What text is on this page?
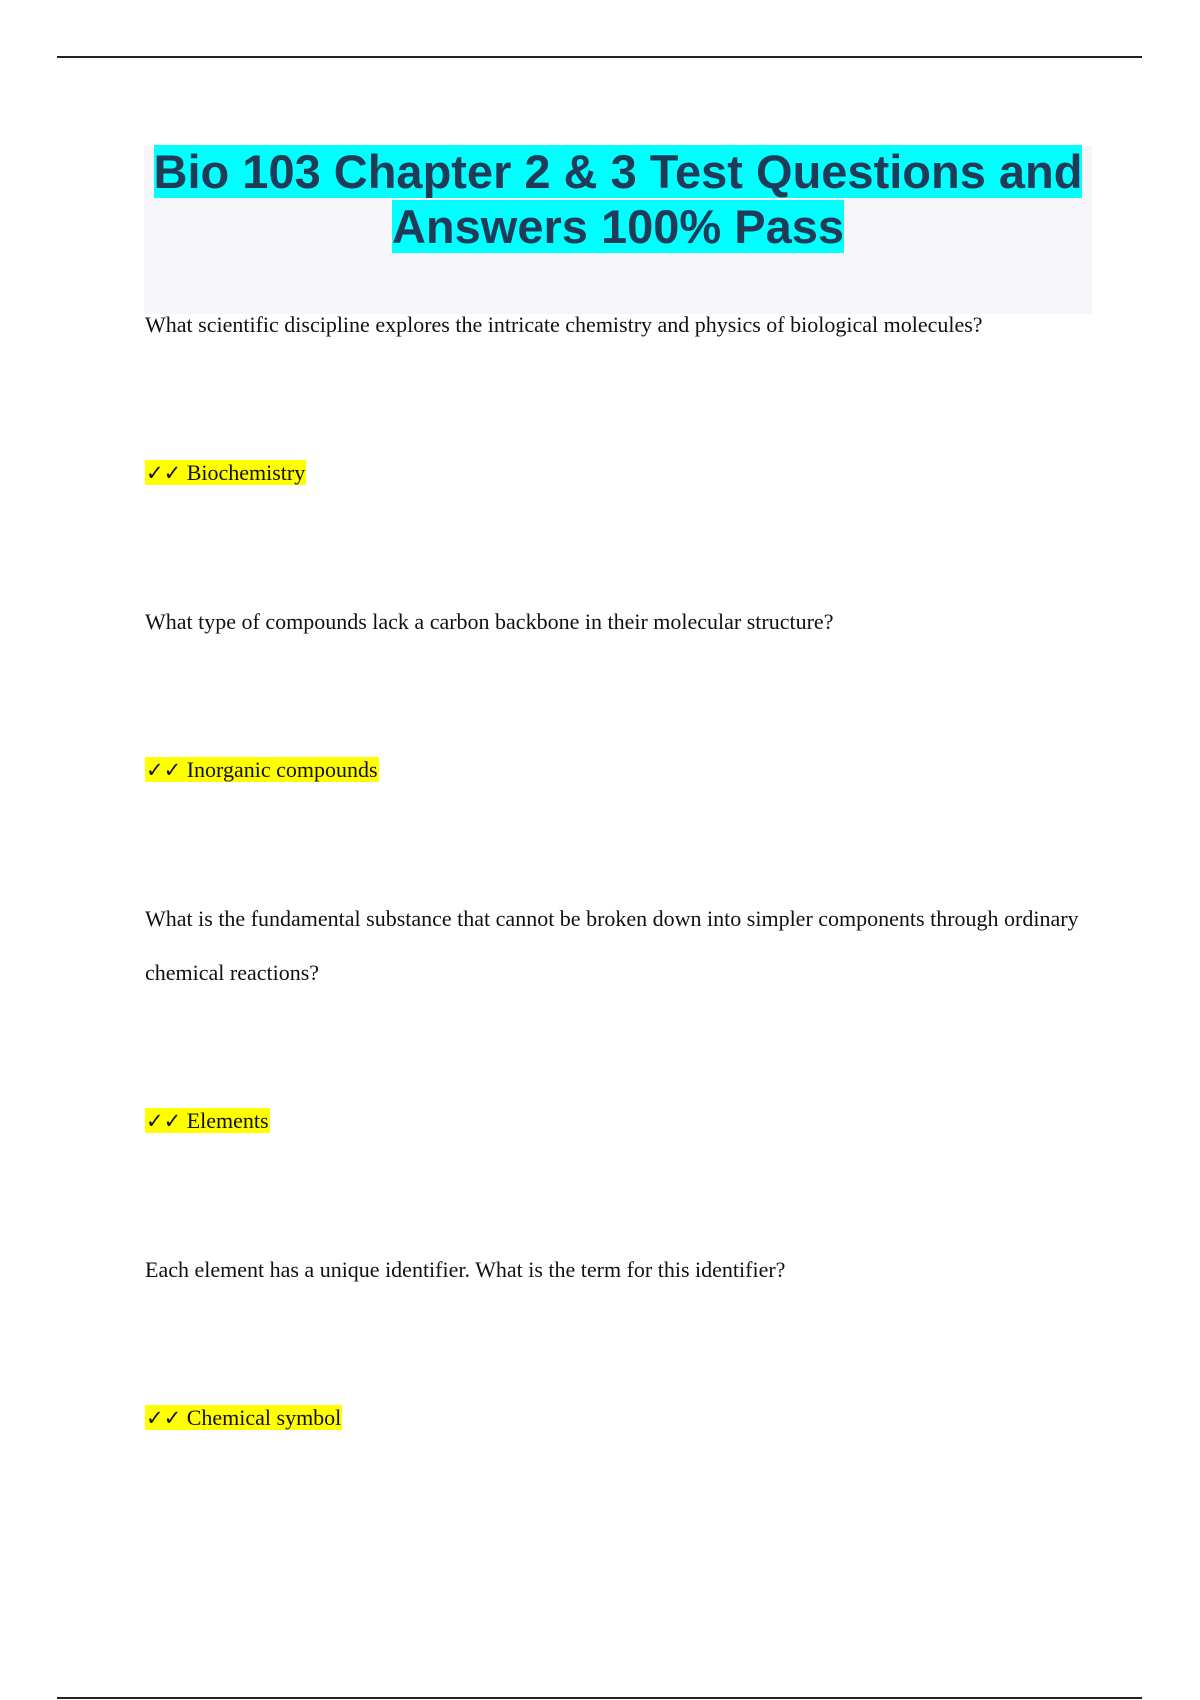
Bio 103 Chapter 2 & 3 Test Questions and Answers 100% Pass

What scientific discipline explores the intricate chemistry and physics of biological molecules?

✓✓ Biochemistry

What type of compounds lack a carbon backbone in their molecular structure?

✓✓ Inorganic compounds

What is the fundamental substance that cannot be broken down into simpler components through ordinary chemical reactions?

✓✓ Elements

Each element has a unique identifier. What is the term for this identifier?

✓✓ Chemical symbol
